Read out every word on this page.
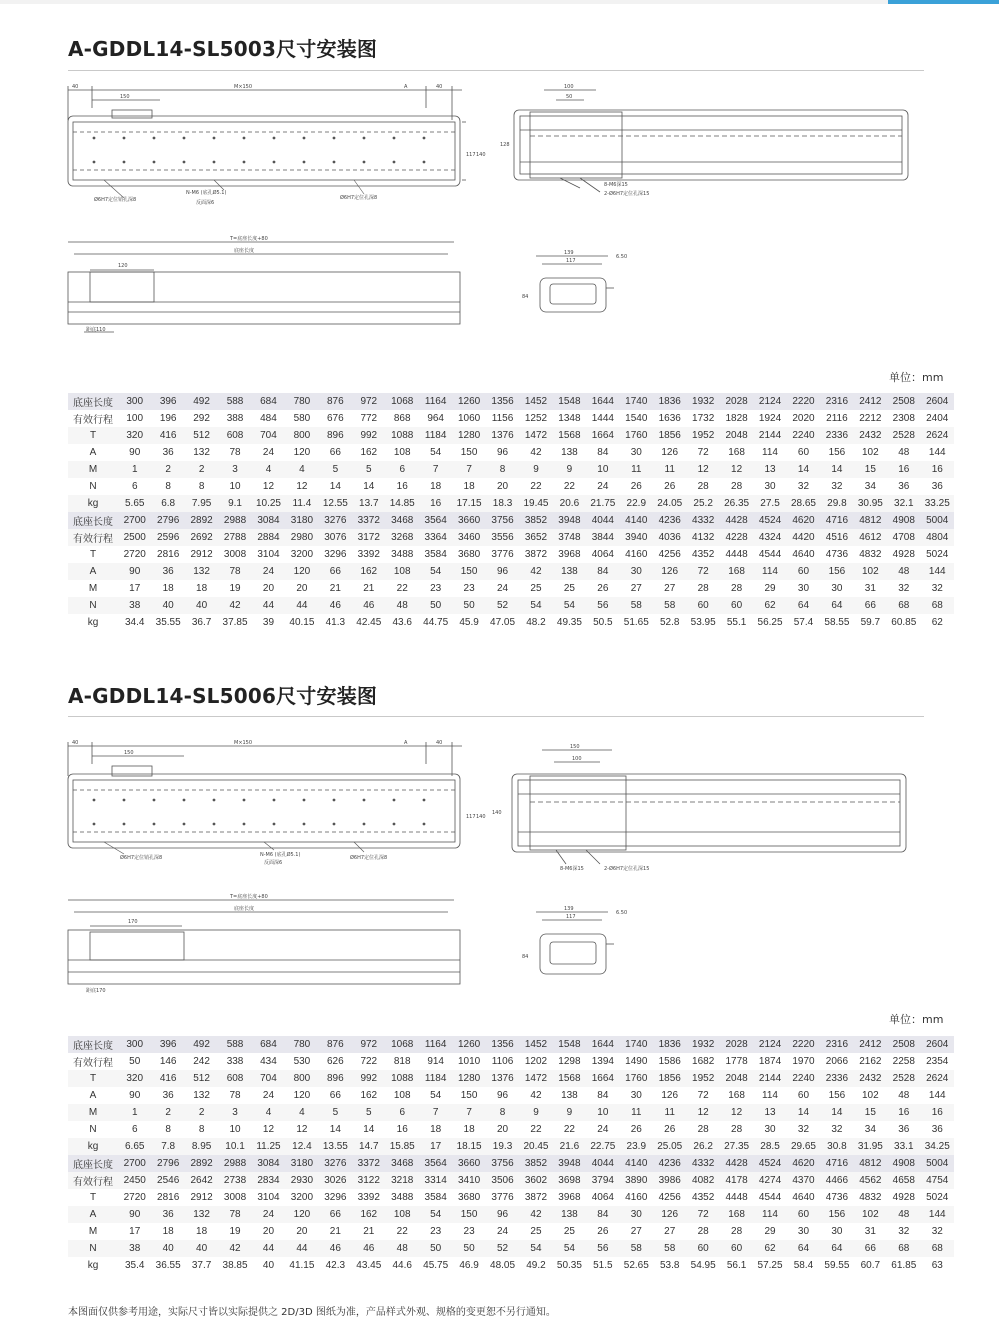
A-GDDL14-SL5003尺寸安装图
40	M×150	A	40
150
Ø6H7定位销孔深8
N-M6 (底孔Ø5.1)
反面深6
Ø6H7定位孔深8
117 140
100
50
128
8-M6深15
2-Ø6H7定位孔深15
T=底座长度+80
底座长度
120
距底110
139
117
6.50
84
单位：mm
底座长度	300	396	492	588	684	780	876	972	1068	1164	1260	1356	1452	1548	1644	1740	1836	1932	2028	2124	2220	2316	2412	2508	2604
有效行程	100	196	292	388	484	580	676	772	868	964	1060	1156	1252	1348	1444	1540	1636	1732	1828	1924	2020	2116	2212	2308	2404
T	320	416	512	608	704	800	896	992	1088	1184	1280	1376	1472	1568	1664	1760	1856	1952	2048	2144	2240	2336	2432	2528	2624
A	90	36	132	78	24	120	66	162	108	54	150	96	42	138	84	30	126	72	168	114	60	156	102	48	144
M	1	2	2	3	4	4	5	5	6	7	7	8	9	9	10	11	11	12	12	13	14	14	15	16	16
N	6	8	8	10	12	12	14	14	16	18	18	20	22	22	24	26	26	28	28	30	32	32	34	36	36
kg	5.65	6.8	7.95	9.1	10.25	11.4	12.55	13.7	14.85	16	17.15	18.3	19.45	20.6	21.75	22.9	24.05	25.2	26.35	27.5	28.65	29.8	30.95	32.1	33.25
底座长度	2700	2796	2892	2988	3084	3180	3276	3372	3468	3564	3660	3756	3852	3948	4044	4140	4236	4332	4428	4524	4620	4716	4812	4908	5004
有效行程	2500	2596	2692	2788	2884	2980	3076	3172	3268	3364	3460	3556	3652	3748	3844	3940	4036	4132	4228	4324	4420	4516	4612	4708	4804
T	2720	2816	2912	3008	3104	3200	3296	3392	3488	3584	3680	3776	3872	3968	4064	4160	4256	4352	4448	4544	4640	4736	4832	4928	5024
A	90	36	132	78	24	120	66	162	108	54	150	96	42	138	84	30	126	72	168	114	60	156	102	48	144
M	17	18	18	19	20	20	21	21	22	23	23	24	25	25	26	27	27	28	28	29	30	30	31	32	32
N	38	40	40	42	44	44	46	46	48	50	50	52	54	54	56	58	58	60	60	62	64	64	66	68	68
kg	34.4	35.55	36.7	37.85	39	40.15	41.3	42.45	43.6	44.75	45.9	47.05	48.2	49.35	50.5	51.65	52.8	53.95	55.1	56.25	57.4	58.55	59.7	60.85	62
A-GDDL14-SL5006尺寸安装图
40	M×150	A	40
150
Ø6H7定位销孔深8	N-M6 (底孔Ø5.1)
反面深6
Ø6H7定位孔深8
117 140
150
100
140
8-M6深15	2-Ø6H7定位孔深15
T=底座长度+80
底座长度
170
距底170
139
117
6.50
84
单位：mm
底座长度	300	396	492	588	684	780	876	972	1068	1164	1260	1356	1452	1548	1644	1740	1836	1932	2028	2124	2220	2316	2412	2508	2604
有效行程	50	146	242	338	434	530	626	722	818	914	1010	1106	1202	1298	1394	1490	1586	1682	1778	1874	1970	2066	2162	2258	2354
T	320	416	512	608	704	800	896	992	1088	1184	1280	1376	1472	1568	1664	1760	1856	1952	2048	2144	2240	2336	2432	2528	2624
A	90	36	132	78	24	120	66	162	108	54	150	96	42	138	84	30	126	72	168	114	60	156	102	48	144
M	1	2	2	3	4	4	5	5	6	7	7	8	9	9	10	11	11	12	12	13	14	14	15	16	16
N	6	8	8	10	12	12	14	14	16	18	18	20	22	22	24	26	26	28	28	30	32	32	34	36	36
kg	6.65	7.8	8.95	10.1	11.25	12.4	13.55	14.7	15.85	17	18.15	19.3	20.45	21.6	22.75	23.9	25.05	26.2	27.35	28.5	29.65	30.8	31.95	33.1	34.25
底座长度	2700	2796	2892	2988	3084	3180	3276	3372	3468	3564	3660	3756	3852	3948	4044	4140	4236	4332	4428	4524	4620	4716	4812	4908	5004
有效行程	2450	2546	2642	2738	2834	2930	3026	3122	3218	3314	3410	3506	3602	3698	3794	3890	3986	4082	4178	4274	4370	4466	4562	4658	4754
T	2720	2816	2912	3008	3104	3200	3296	3392	3488	3584	3680	3776	3872	3968	4064	4160	4256	4352	4448	4544	4640	4736	4832	4928	5024
A	90	36	132	78	24	120	66	162	108	54	150	96	42	138	84	30	126	72	168	114	60	156	102	48	144
M	17	18	18	19	20	20	21	21	22	23	23	24	25	25	26	27	27	28	28	29	30	30	31	32	32
N	38	40	40	42	44	44	46	46	48	50	50	52	54	54	56	58	58	60	60	62	64	64	66	68	68
kg	35.4	36.55	37.7	38.85	40	41.15	42.3	43.45	44.6	45.75	46.9	48.05	49.2	50.35	51.5	52.65	53.8	54.95	56.1	57.25	58.4	59.55	60.7	61.85	63
本图面仅供参考用途，实际尺寸皆以实际提供之 2D/3D 图纸为准，产品样式外观、规格的变更恕不另行通知。
